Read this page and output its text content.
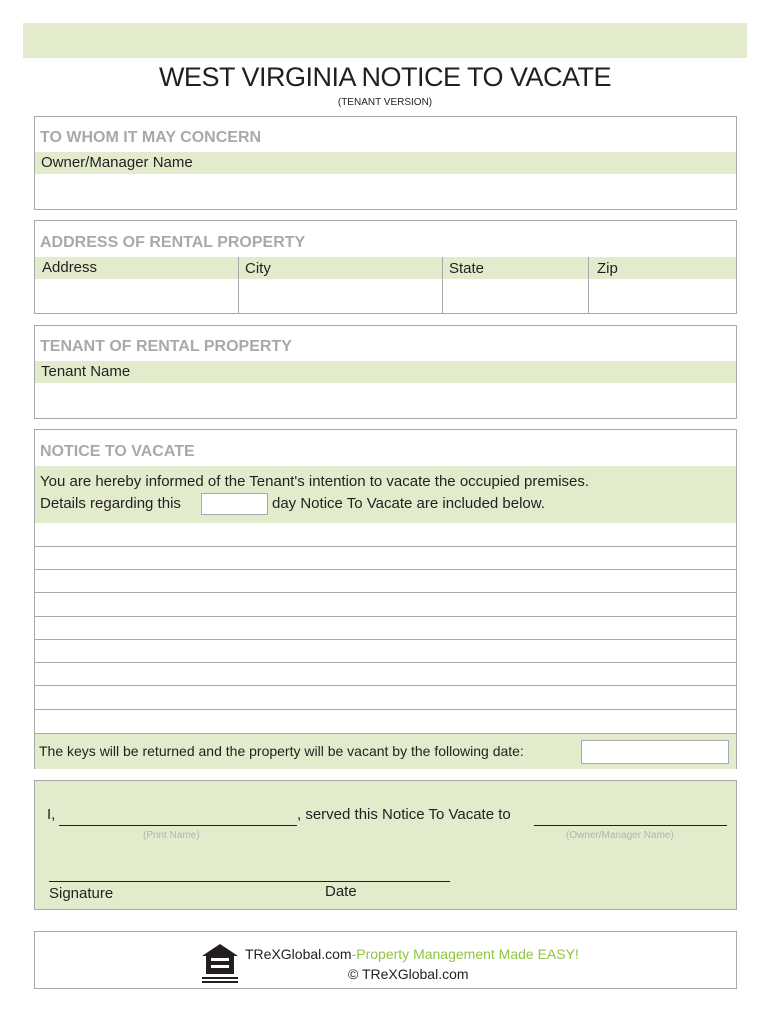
WEST VIRGINIA NOTICE TO VACATE
(TENANT VERSION)
TO WHOM IT MAY CONCERN
Owner/Manager Name
ADDRESS OF RENTAL PROPERTY
Address	City	State	Zip
TENANT OF RENTAL PROPERTY
Tenant Name
NOTICE TO VACATE
You are hereby informed of the Tenant's intention to vacate the occupied premises.
Details regarding this	day Notice To Vacate are included below.
The keys will be returned and the property will be vacant by the following date:
I,	, served this Notice To Vacate to
(Print Name)	(Owner/Manager Name)
Signature	Date
TReXGlobal.com-Property Management Made EASY!
© TReXGlobal.com
